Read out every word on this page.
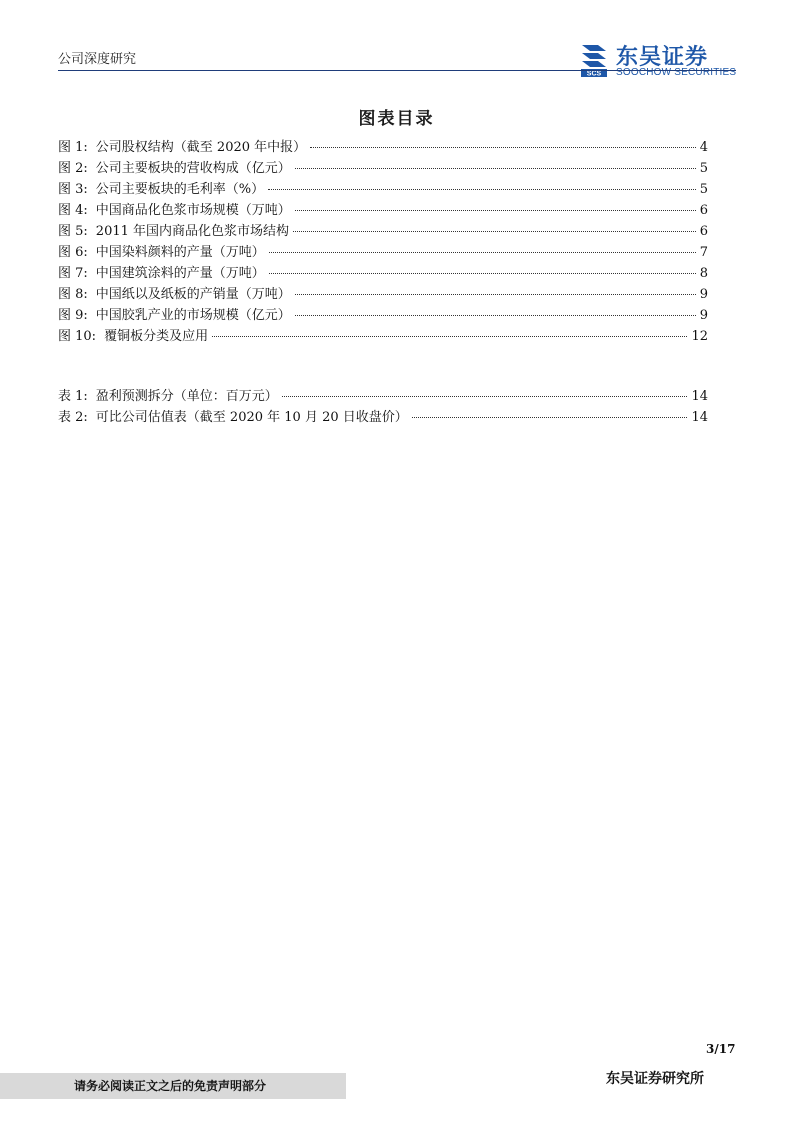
公司深度研究
SCS
东吴证券
SOOCHOW SECURITIES
图表目录
图 1: 公司股权结构（截至 2020 年中报）	4
图 2: 公司主要板块的营收构成（亿元）	5
图 3: 公司主要板块的毛利率（%）	5
图 4: 中国商品化色浆市场规模（万吨）	6
图 5: 2011 年国内商品化色浆市场结构	6
图 6: 中国染料颜料的产量（万吨）	7
图 7: 中国建筑涂料的产量（万吨）	8
图 8: 中国纸以及纸板的产销量（万吨）	9
图 9: 中国胶乳产业的市场规模（亿元）	9
图 10: 覆铜板分类及应用	12
表 1: 盈利预测拆分（单位：百万元）	14
表 2: 可比公司估值表（截至 2020 年 10 月 20 日收盘价）	14
3/17
请务必阅读正文之后的免责声明部分	东吴证券研究所
